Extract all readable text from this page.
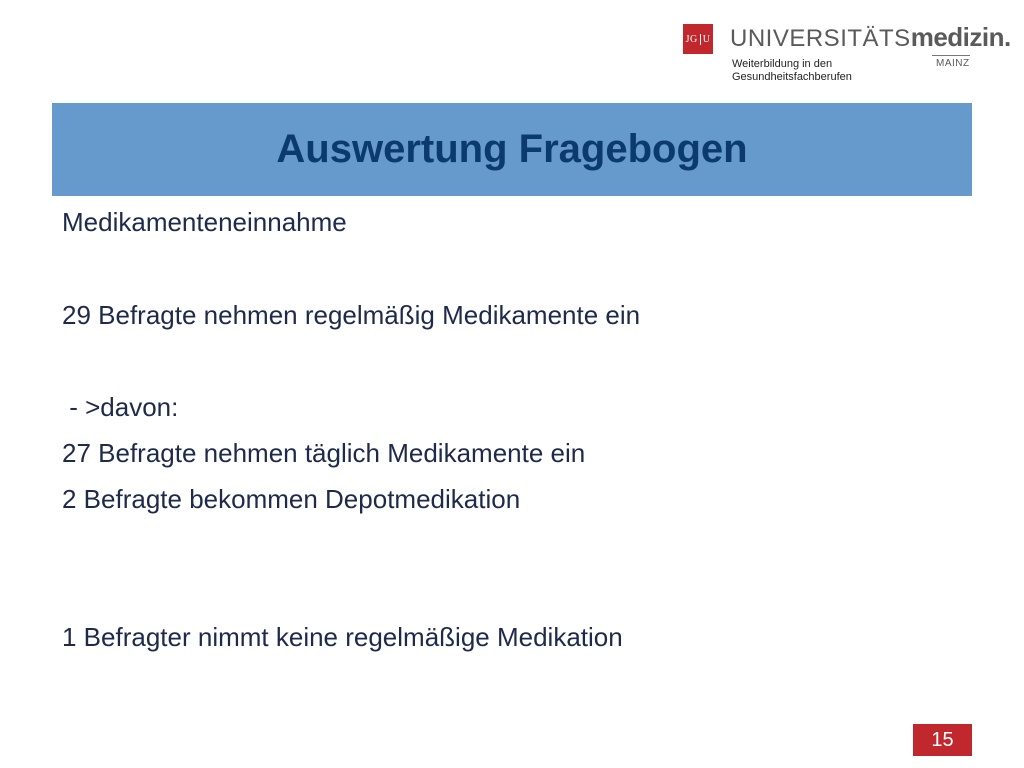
JG U UNIVERSITÄTSmedizin.
MAINZ
Weiterbildung in den
Gesundheitsfachberufen
Auswertung Fragebogen
Medikamenteneinnahme
29 Befragte nehmen regelmäßig Medikamente ein
- >davon:
27 Befragte nehmen täglich Medikamente ein
2 Befragte bekommen Depotmedikation
1 Befragter nimmt keine regelmäßige Medikation
15
